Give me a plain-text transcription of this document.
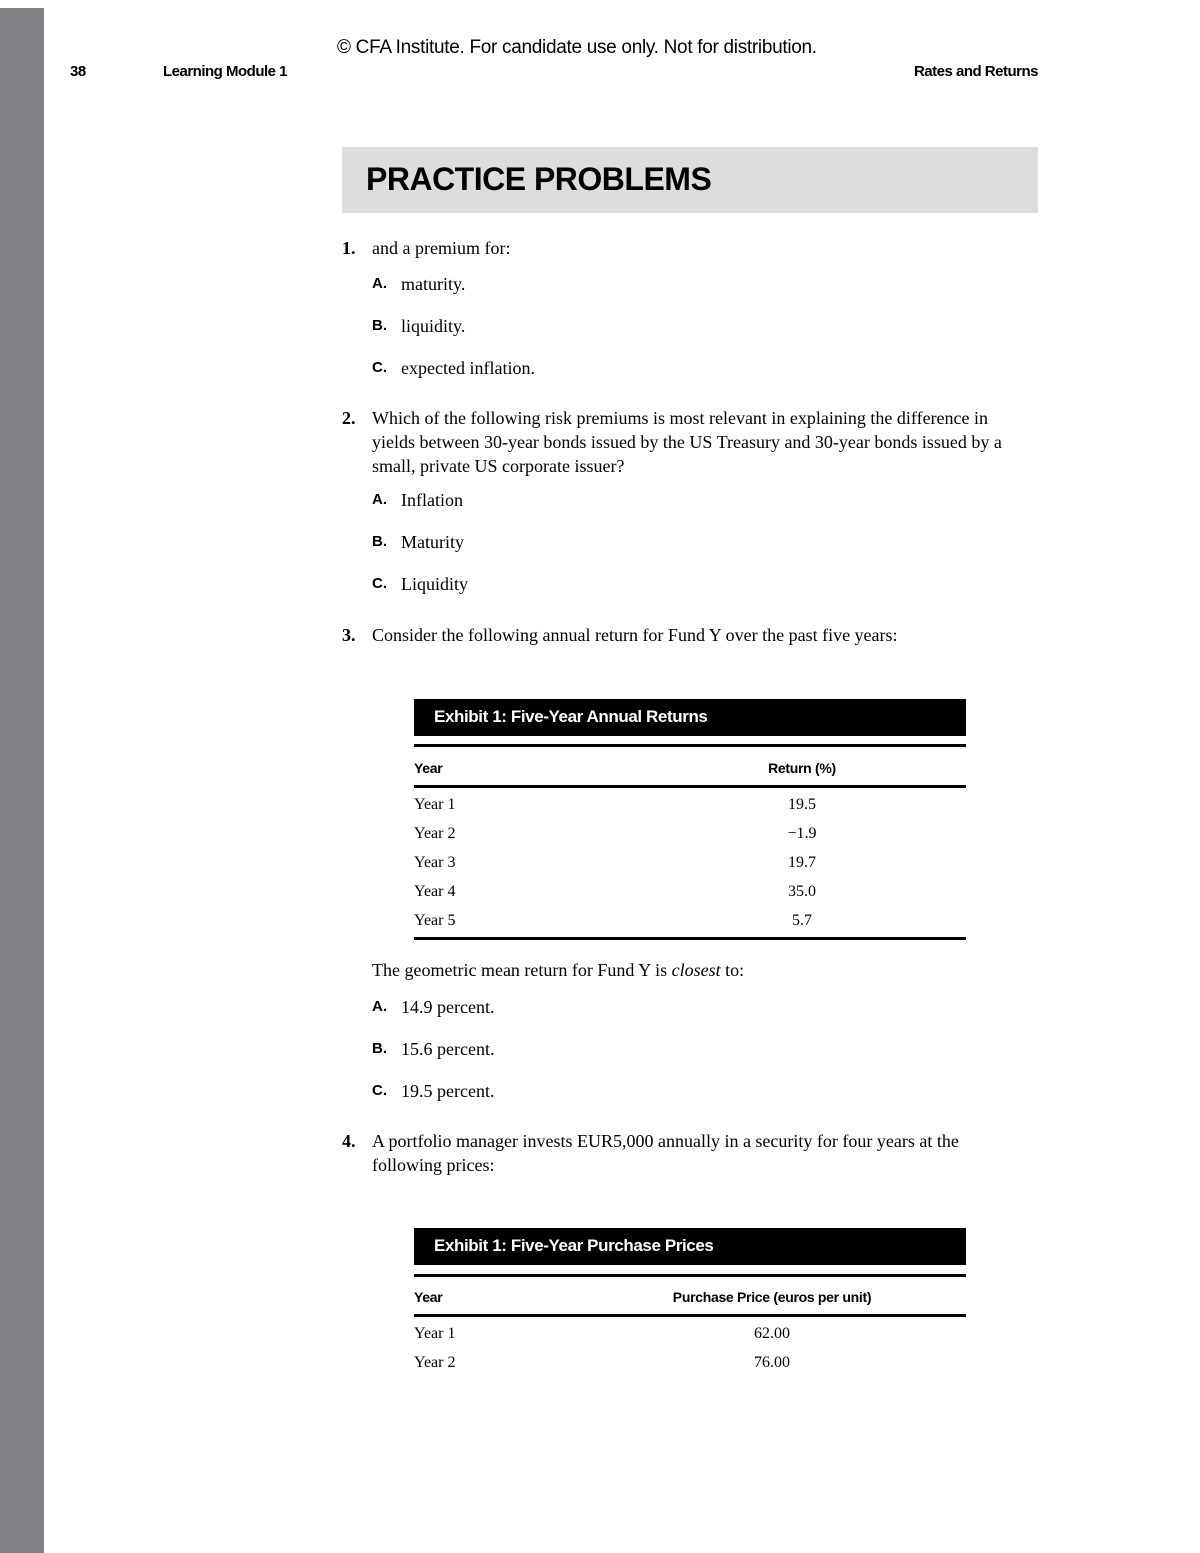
© CFA Institute. For candidate use only. Not for distribution.
38	Learning Module 1	Rates and Returns
PRACTICE PROBLEMS
1. and a premium for:
A. maturity.
B. liquidity.
C. expected inflation.
2. Which of the following risk premiums is most relevant in explaining the difference in yields between 30-year bonds issued by the US Treasury and 30-year bonds issued by a small, private US corporate issuer?
A. Inflation
B. Maturity
C. Liquidity
3. Consider the following annual return for Fund Y over the past five years:
Exhibit 1: Five-Year Annual Returns
Year	Return (%)
Year 1	19.5
Year 2	−1.9
Year 3	19.7
Year 4	35.0
Year 5	5.7
The geometric mean return for Fund Y is closest to:
A. 14.9 percent.
B. 15.6 percent.
C. 19.5 percent.
4. A portfolio manager invests EUR5,000 annually in a security for four years at the following prices:
Exhibit 1: Five-Year Purchase Prices
Year	Purchase Price (euros per unit)
Year 1	62.00
Year 2	76.00
